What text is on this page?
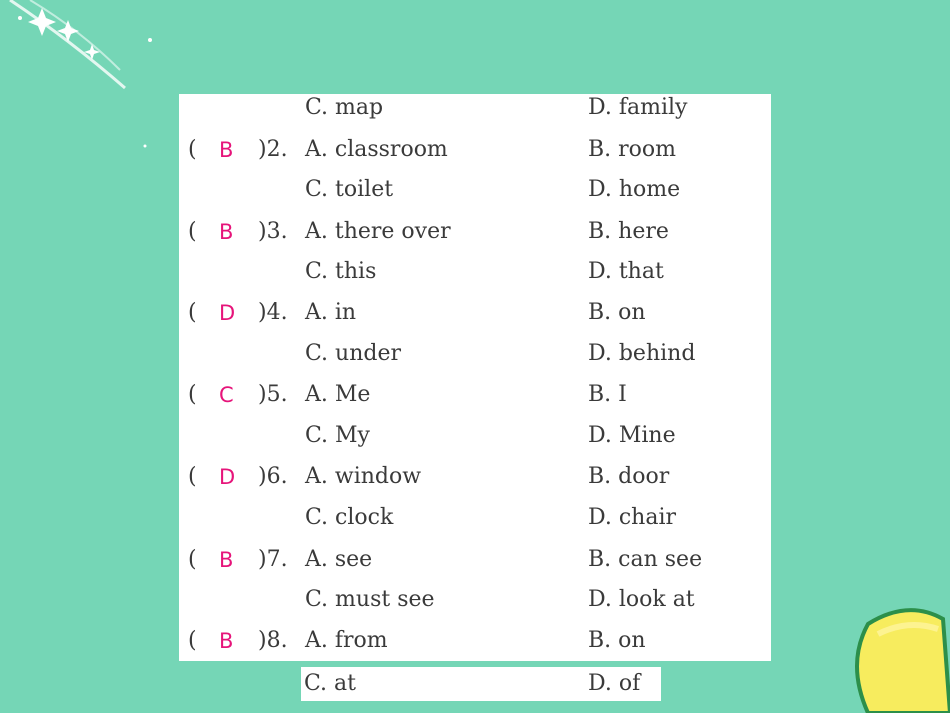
C. map	D. family
( B )2. A. classroom	B. room
C. toilet	D. home
( B )3. A. there over	B. here
C. this	D. that
( D )4. A. in	B. on
C. under	D. behind
( C )5. A. Me	B. I
C. My	D. Mine
( D )6. A. window	B. door
C. clock	D. chair
( B )7. A. see	B. can see
C. must see	D. look at
( B )8. A. from	B. on
C. at	D. of
